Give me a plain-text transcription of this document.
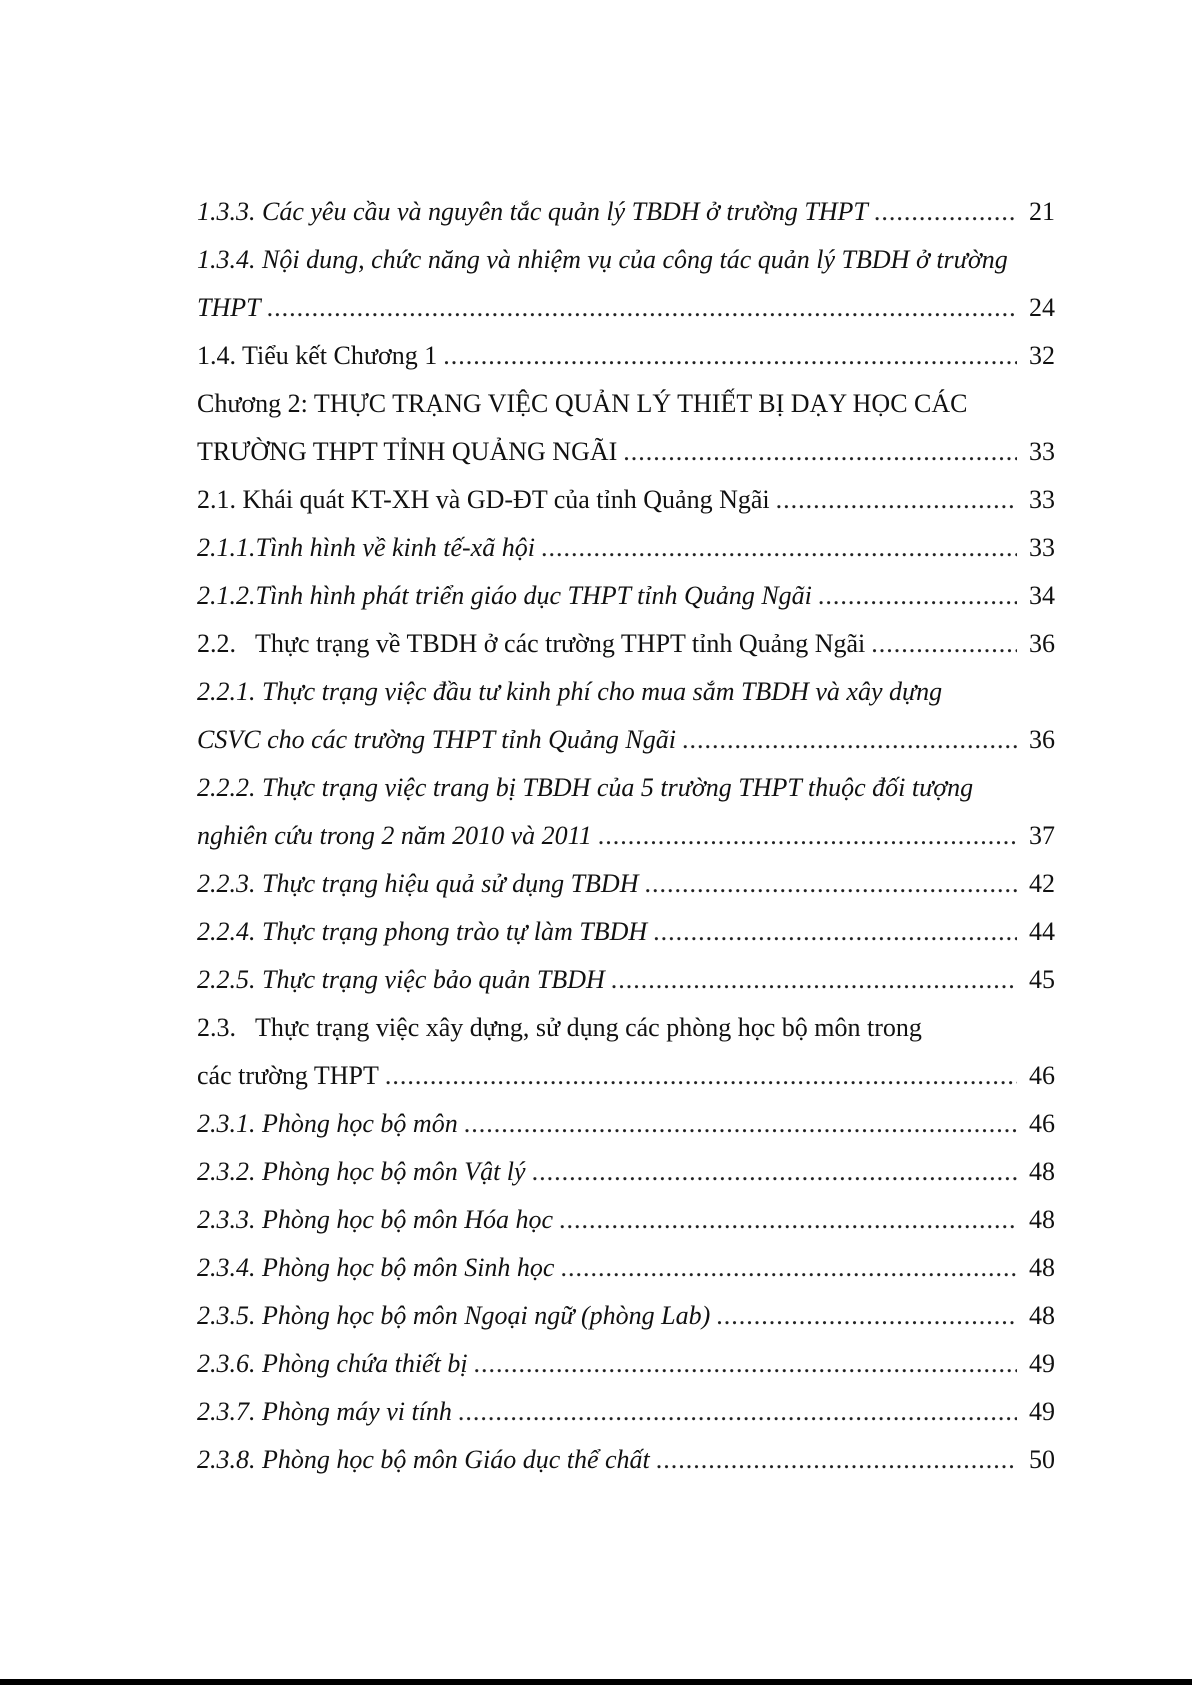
1.3.3. Các yêu cầu và nguyên tắc quản lý TBDH ở trường THPT .....	21
1.3.4. Nội dung, chức năng và nhiệm vụ của công tác quản lý TBDH ở trường
THPT .....	24
1.4. Tiểu kết Chương 1 .....	32
Chương 2: THỰC TRẠNG VIỆC QUẢN LÝ THIẾT BỊ DẠY HỌC CÁC
TRƯỜNG THPT TỈNH QUẢNG NGÃI .....	33
2.1. Khái quát KT-XH và GD-ĐT của tỉnh Quảng Ngãi .....	33
2.1.1.Tình hình về kinh tế-xã hội .....	33
2.1.2.Tình hình phát triển giáo dục THPT tỉnh Quảng Ngãi .....	34
2.2. Thực trạng về TBDH ở các trường THPT tỉnh Quảng Ngãi .....	36
2.2.1. Thực trạng việc đầu tư kinh phí cho mua sắm TBDH và xây dựng
CSVC cho các trường THPT tỉnh Quảng Ngãi .....	36
2.2.2. Thực trạng việc trang bị TBDH của 5 trường THPT thuộc đối tượng
nghiên cứu trong 2 năm 2010 và 2011 .....	37
2.2.3. Thực trạng hiệu quả sử dụng TBDH .....	42
2.2.4. Thực trạng phong trào tự làm TBDH .....	44
2.2.5. Thực trạng việc bảo quản TBDH .....	45
2.3. Thực trạng việc xây dựng, sử dụng các phòng học bộ môn trong
các trường THPT .....	46
2.3.1. Phòng học bộ môn .....	46
2.3.2. Phòng học bộ môn Vật lý .....	48
2.3.3. Phòng học bộ môn Hóa học .....	48
2.3.4. Phòng học bộ môn Sinh học .....	48
2.3.5. Phòng học bộ môn Ngoại ngữ (phòng Lab) .....	48
2.3.6. Phòng chứa thiết bị .....	49
2.3.7. Phòng máy vi tính .....	49
2.3.8. Phòng học bộ môn Giáo dục thể chất .....	50
